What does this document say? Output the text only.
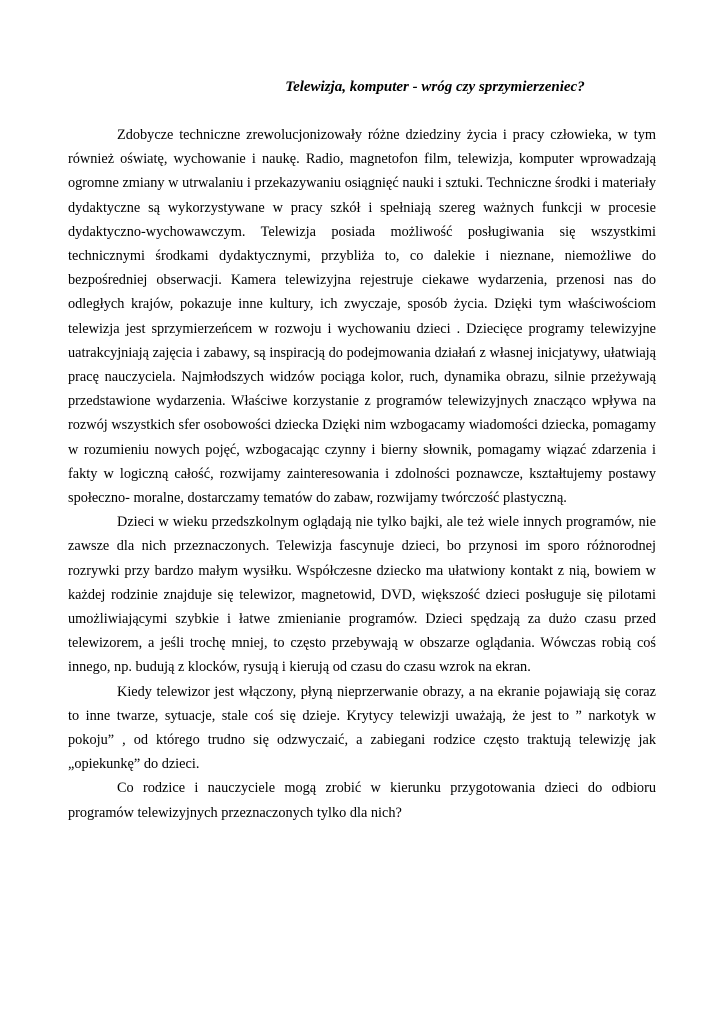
Telewizja, komputer - wróg czy sprzymierzeniec?

Zdobycze techniczne zrewolucjonizowały różne dziedziny życia i pracy człowieka, w tym również oświatę, wychowanie i naukę. Radio, magnetofon film, telewizja, komputer wprowadzają ogromne zmiany w utrwalaniu i przekazywaniu osiągnięć nauki i sztuki. Techniczne środki i materiały dydaktyczne są wykorzystywane w pracy szkół i spełniają szereg ważnych funkcji w procesie dydaktyczno-wychowawczym. Telewizja posiada możliwość posługiwania się wszystkimi technicznymi środkami dydaktycznymi, przybliża to, co dalekie i nieznane, niemożliwe do bezpośredniej obserwacji. Kamera telewizyjna rejestruje ciekawe wydarzenia, przenosi nas do odległych krajów, pokazuje inne kultury, ich zwyczaje, sposób życia. Dzięki tym właściwościom telewizja jest sprzymierzeńcem w rozwoju i wychowaniu dzieci . Dziecięce programy telewizyjne uatrakcyjniają zajęcia i zabawy, są inspiracją do podejmowania działań z własnej inicjatywy, ułatwiają pracę nauczyciela. Najmłodszych widzów pociąga kolor, ruch, dynamika obrazu, silnie przeżywają przedstawione wydarzenia. Właściwe korzystanie z programów telewizyjnych znacząco wpływa na rozwój wszystkich sfer osobowości dziecka Dzięki nim wzbogacamy wiadomości dziecka, pomagamy w rozumieniu nowych pojęć, wzbogacając czynny i bierny słownik, pomagamy wiązać zdarzenia i fakty w logiczną całość, rozwijamy zainteresowania i zdolności poznawcze, kształtujemy postawy społeczno- moralne, dostarczamy tematów do zabaw, rozwijamy twórczość plastyczną.

Dzieci w wieku przedszkolnym oglądają nie tylko bajki, ale też wiele innych programów, nie zawsze dla nich przeznaczonych. Telewizja fascynuje dzieci, bo przynosi im sporo różnorodnej rozrywki przy bardzo małym wysiłku. Współczesne dziecko ma ułatwiony kontakt z nią, bowiem w każdej rodzinie znajduje się telewizor, magnetowid, DVD, większość dzieci posługuje się pilotami umożliwiającymi szybkie i łatwe zmienianie programów. Dzieci spędzają za dużo czasu przed telewizorem, a jeśli trochę mniej, to często przebywają w obszarze oglądania. Wówczas robią coś innego, np. budują z klocków, rysują i kierują od czasu do czasu wzrok na ekran.

Kiedy telewizor jest włączony, płyną nieprzerwanie obrazy, a na ekranie pojawiają się coraz to inne twarze, sytuacje, stale coś się dzieje. Krytycy telewizji uważają, że jest to ” narkotyk w pokoju” , od którego trudno się odzwyczaić, a zabiegani rodzice często traktują telewizję jak „opiekunkę” do dzieci.

Co rodzice i nauczyciele mogą zrobić w kierunku przygotowania dzieci do odbioru programów telewizyjnych przeznaczonych tylko dla nich?
